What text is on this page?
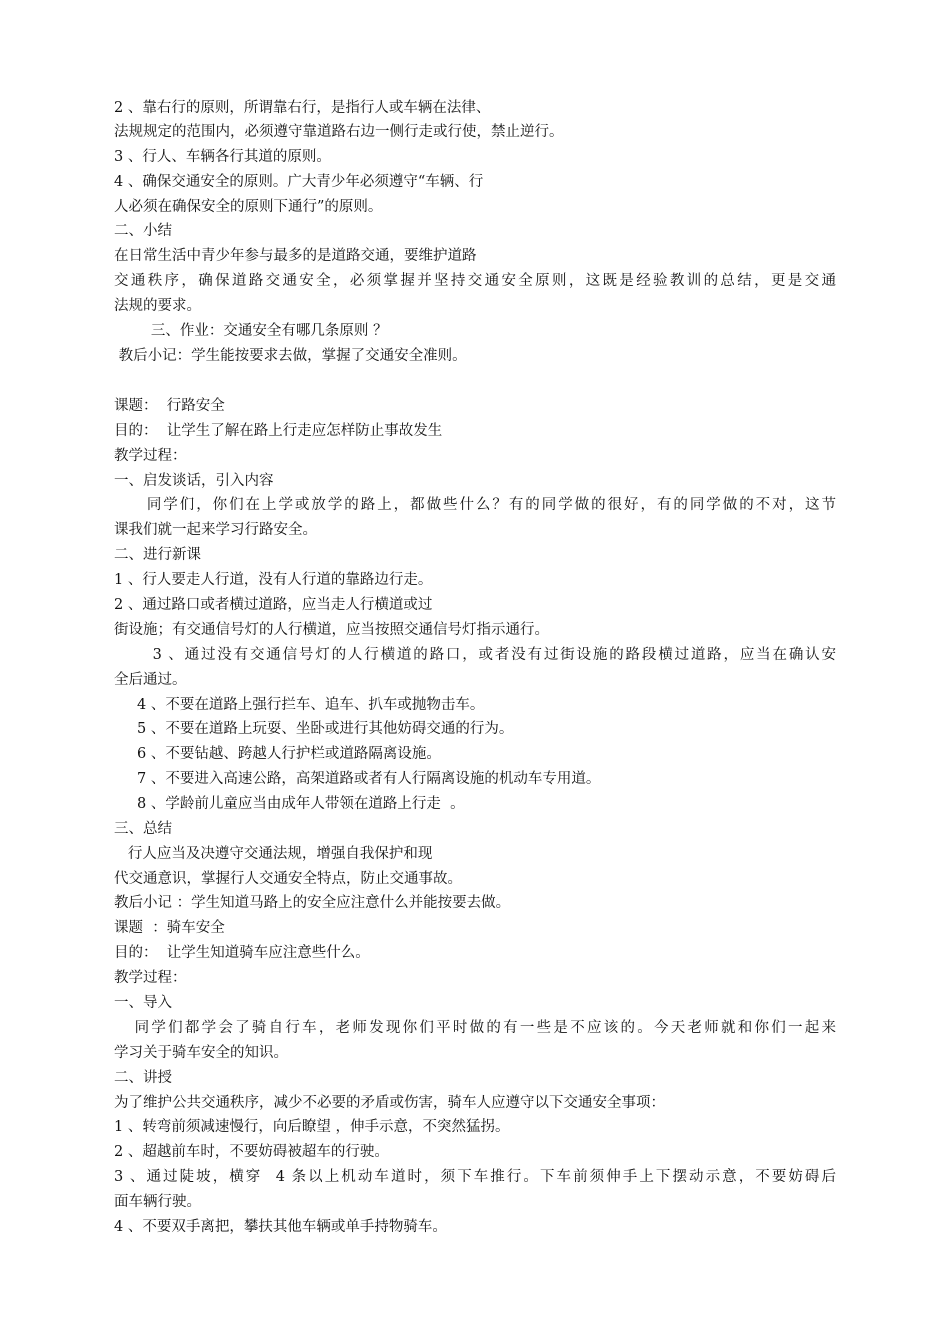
2 、靠右行的原则，所谓靠右行，是指行人或车辆在法律、
法规规定的范围内，必须遵守靠道路右边一侧行走或行使，禁止逆行。
3 、行人、车辆各行其道的原则。
4 、确保交通安全的原则。广大青少年必须遵守“车辆、行
人必须在确保安全的原则下通行”的原则。
二、小结
在日常生活中青少年参与最多的是道路交通，要维护道路
交通秩序，确保道路交通安全，必须掌握并坚持交通安全原则，这既是经验教训的总结，更是交通
法规的要求。
三、作业：交通安全有哪几条原则 ？
教后小记：学生能按要求去做，掌握了交通安全准则。
课题：  行路安全
目的：  让学生了解在路上行走应怎样防止事故发生
教学过程：
一、启发谈话，引入内容
同学们，你们在上学或放学的路上，都做些什么？有的同学做的很好，有的同学做的不对，这节
课我们就一起来学习行路安全。
二、进行新课
1 、行人要走人行道，没有人行道的靠路边行走。
2 、通过路口或者横过道路，应当走人行横道或过
街设施；有交通信号灯的人行横道，应当按照交通信号灯指示通行。
3 、通过没有交通信号灯的人行横道的路口，或者没有过街设施的路段横过道路，应当在确认安
全后通过。
4 、不要在道路上强行拦车、追车、扒车或抛物击车。
5 、不要在道路上玩耍、坐卧或进行其他妨碍交通的行为。
6 、不要钻越、跨越人行护栏或道路隔离设施。
7 、不要进入高速公路，高架道路或者有人行隔离设施的机动车专用道。
8 、学龄前儿童应当由成年人带领在道路上行走  。
三、总结
行人应当及决遵守交通法规，增强自我保护和现
代交通意识，掌握行人交通安全特点，防止交通事故。
教后小记 ：学生知道马路上的安全应注意什么并能按要去做。
课题  ：骑车安全
目的：  让学生知道骑车应注意些什么。
教学过程：
一、导入
同学们都学会了骑自行车，老师发现你们平时做的有一些是不应该的。今天老师就和你们一起来
学习关于骑车安全的知识。
二、讲授
为了维护公共交通秩序，减少不必要的矛盾或伤害，骑车人应遵守以下交通安全事项：
1 、转弯前须减速慢行，向后瞭望 ，伸手示意，不突然猛拐。
2 、超越前车时，不要妨碍被超车的行驶。
3 、通过陡坡，横穿  4 条以上机动车道时，须下车推行。下车前须伸手上下摆动示意，不要妨碍后
面车辆行驶。
4 、不要双手离把，攀扶其他车辆或单手持物骑车。
